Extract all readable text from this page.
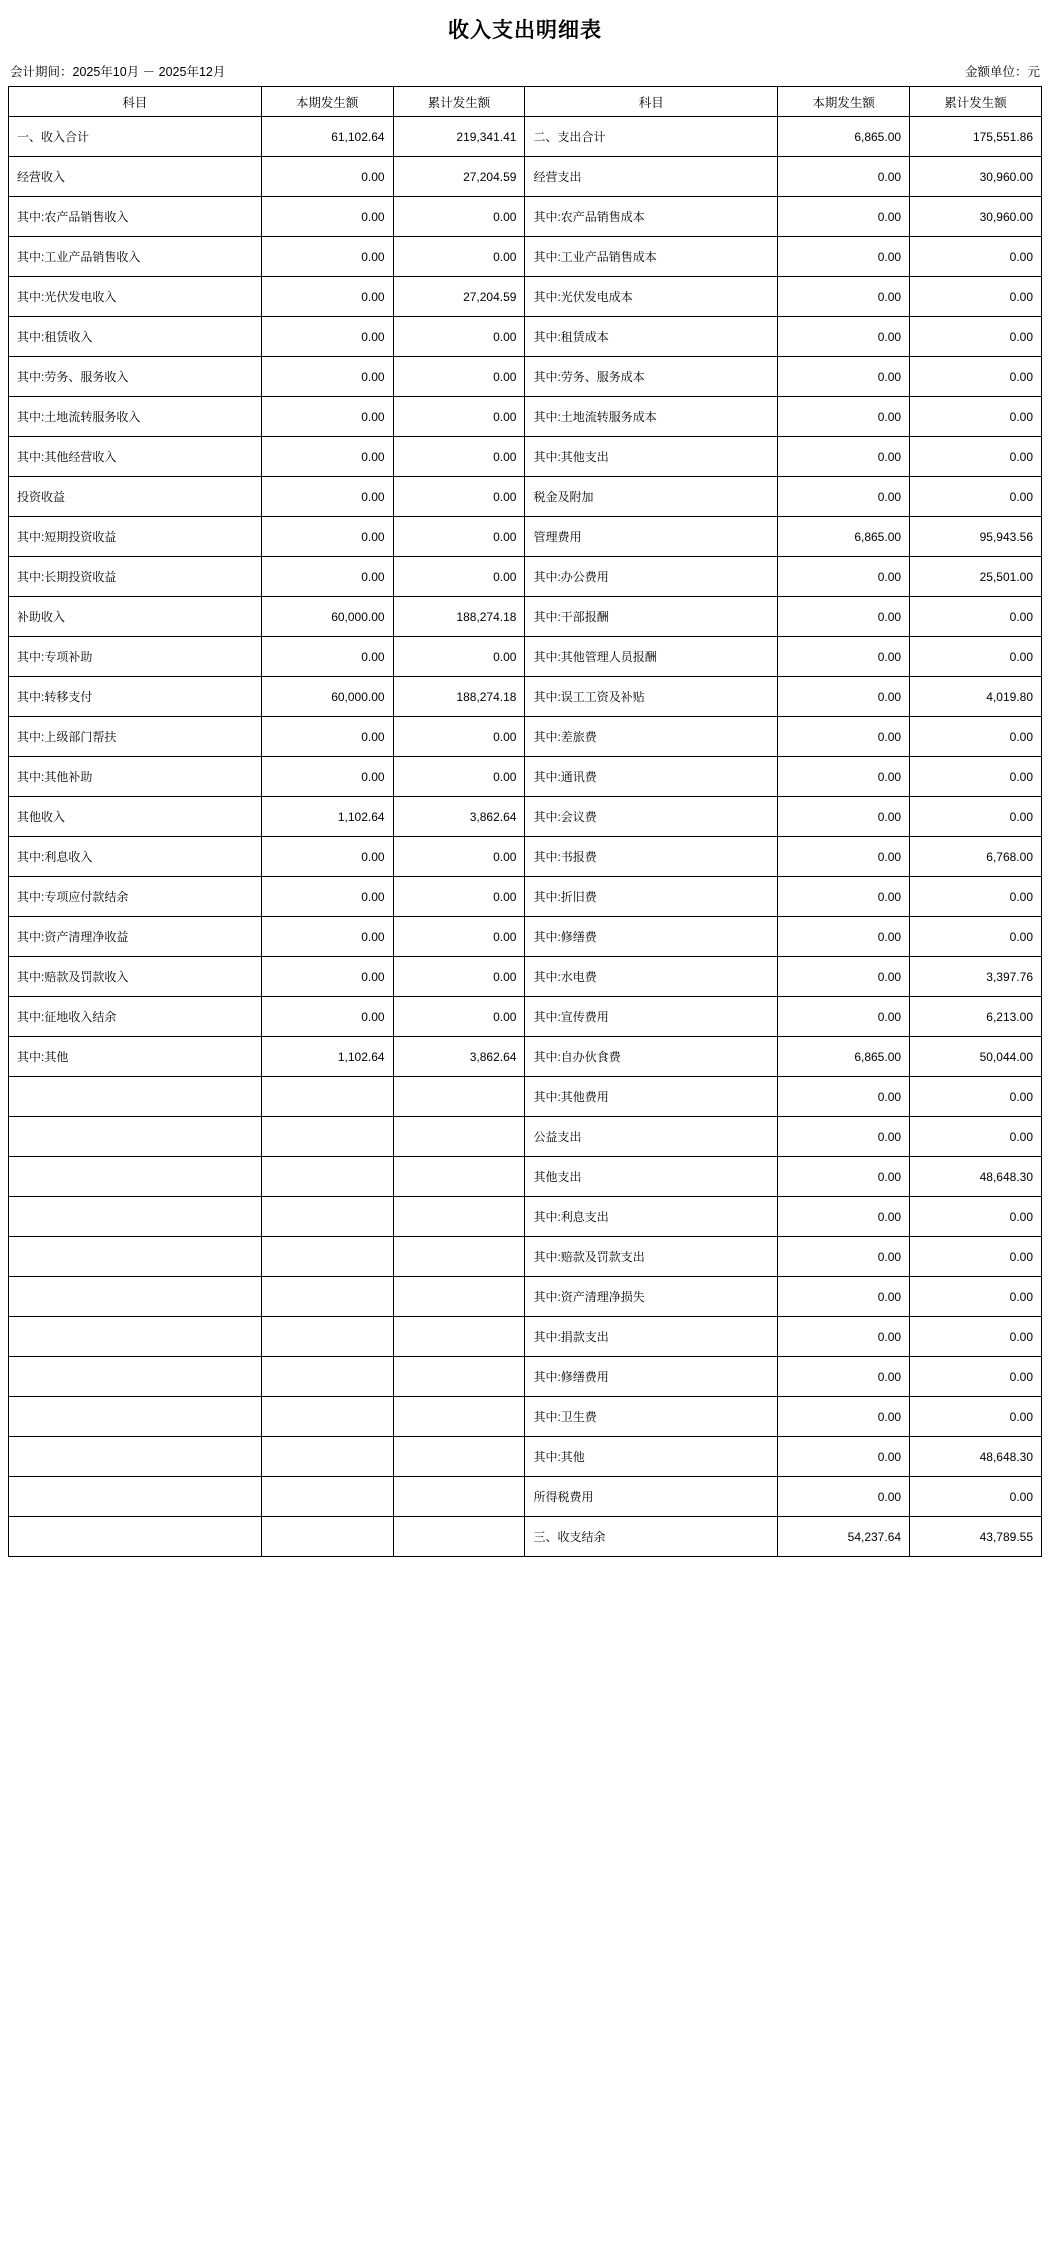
收入支出明细表
会计期间：2025年10月 － 2025年12月	金额单位：元
科目	本期发生额	累计发生额	科目	本期发生额	累计发生额
一、收入合计	61,102.64	219,341.41	二、支出合计	6,865.00	175,551.86
经营收入	0.00	27,204.59	经营支出	0.00	30,960.00
其中:农产品销售收入	0.00	0.00	其中:农产品销售成本	0.00	30,960.00
其中:工业产品销售收入	0.00	0.00	其中:工业产品销售成本	0.00	0.00
其中:光伏发电收入	0.00	27,204.59	其中:光伏发电成本	0.00	0.00
其中:租赁收入	0.00	0.00	其中:租赁成本	0.00	0.00
其中:劳务、服务收入	0.00	0.00	其中:劳务、服务成本	0.00	0.00
其中:土地流转服务收入	0.00	0.00	其中:土地流转服务成本	0.00	0.00
其中:其他经营收入	0.00	0.00	其中:其他支出	0.00	0.00
投资收益	0.00	0.00	税金及附加	0.00	0.00
其中:短期投资收益	0.00	0.00	管理费用	6,865.00	95,943.56
其中:长期投资收益	0.00	0.00	其中:办公费用	0.00	25,501.00
补助收入	60,000.00	188,274.18	其中:干部报酬	0.00	0.00
其中:专项补助	0.00	0.00	其中:其他管理人员报酬	0.00	0.00
其中:转移支付	60,000.00	188,274.18	其中:误工工资及补贴	0.00	4,019.80
其中:上级部门帮扶	0.00	0.00	其中:差旅费	0.00	0.00
其中:其他补助	0.00	0.00	其中:通讯费	0.00	0.00
其他收入	1,102.64	3,862.64	其中:会议费	0.00	0.00
其中:利息收入	0.00	0.00	其中:书报费	0.00	6,768.00
其中:专项应付款结余	0.00	0.00	其中:折旧费	0.00	0.00
其中:资产清理净收益	0.00	0.00	其中:修缮费	0.00	0.00
其中:赔款及罚款收入	0.00	0.00	其中:水电费	0.00	3,397.76
其中:征地收入结余	0.00	0.00	其中:宣传费用	0.00	6,213.00
其中:其他	1,102.64	3,862.64	其中:自办伙食费	6,865.00	50,044.00
			其中:其他费用	0.00	0.00
			公益支出	0.00	0.00
			其他支出	0.00	48,648.30
			其中:利息支出	0.00	0.00
			其中:赔款及罚款支出	0.00	0.00
			其中:资产清理净损失	0.00	0.00
			其中:捐款支出	0.00	0.00
			其中:修缮费用	0.00	0.00
			其中:卫生费	0.00	0.00
			其中:其他	0.00	48,648.30
			所得税费用	0.00	0.00
			三、收支结余	54,237.64	43,789.55
